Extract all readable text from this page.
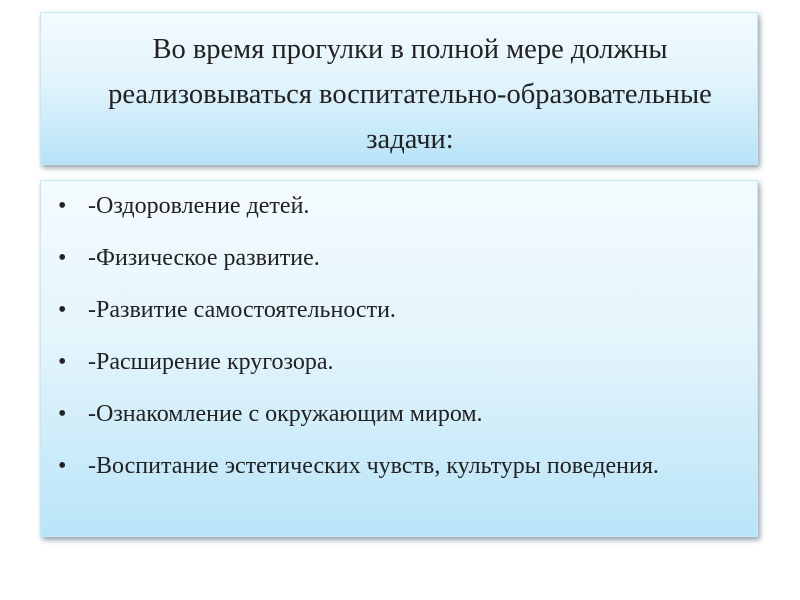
Во время прогулки в полной мере должны реализовываться воспитательно-образовательные задачи:
• -Оздоровление детей.
• -Физическое развитие.
• -Развитие самостоятельности.
• -Расширение кругозора.
• -Ознакомление с окружающим миром.
• -Воспитание эстетических чувств, культуры поведения.
